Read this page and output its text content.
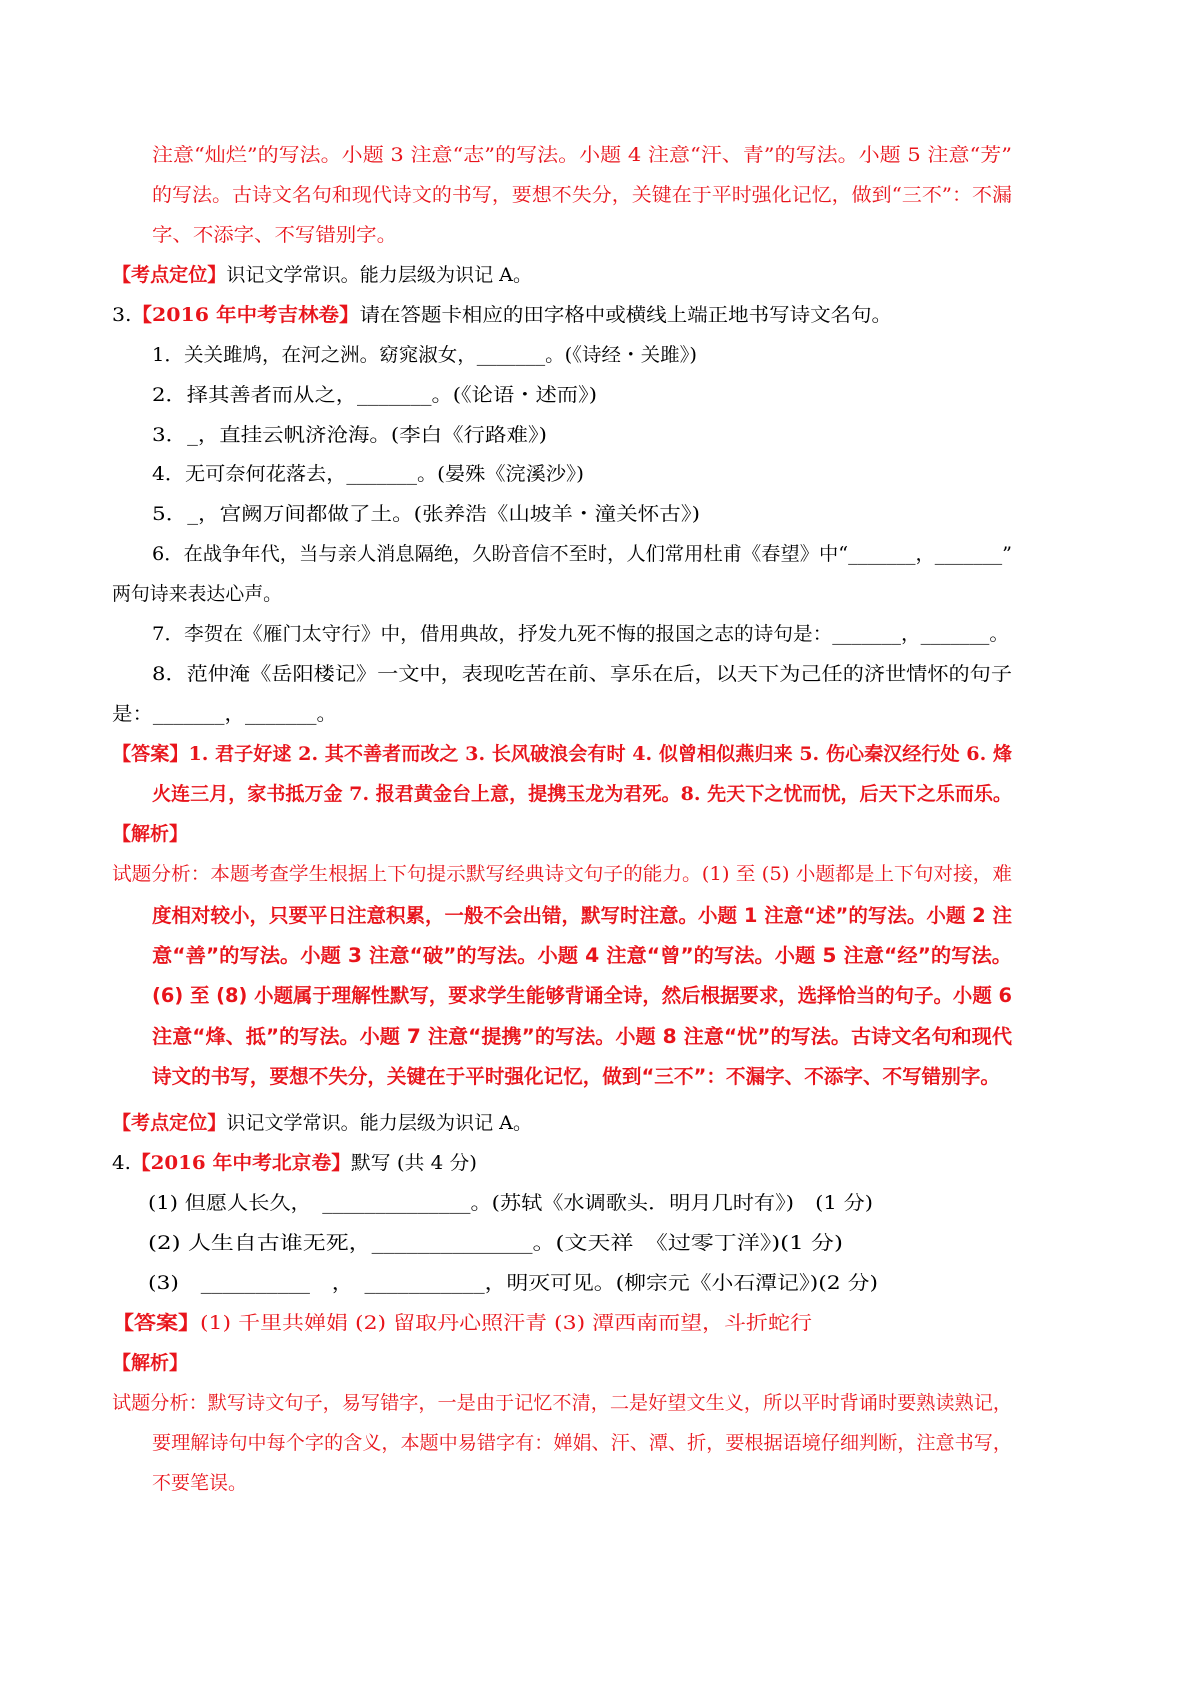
注意“灿烂”的写法。小题 3 注意“志”的写法。小题 4 注意“汗、青”的写法。小题 5 注意“芳”
的写法。古诗文名句和现代诗文的书写，要想不失分，关键在于平时强化记忆，做到“三不”：不漏
字、不添字、不写错别字。
【考点定位】识记文学常识。能力层级为识记 A。
3.【2016 年中考吉林卷】请在答题卡相应的田字格中或横线上端正地书写诗文名句。
1．关关雎鸠，在河之洲。窈窕淑女，_______。(《诗经・关雎》)
2．择其善者而从之，_______。(《论语・述而》)
3．_，直挂云帆济沧海。(李白《行路难》)
4．无可奈何花落去，_______。(晏殊《浣溪沙》)
5．_，宫阙万间都做了土。(张养浩《山坡羊・潼关怀古》)
6．在战争年代，当与亲人消息隔绝，久盼音信不至时，人们常用杜甫《春望》中“_______，_______”
两句诗来表达心声。
7．李贺在《雁门太守行》中，借用典故，抒发九死不悔的报国之志的诗句是：_______，_______。
8．范仲淹《岳阳楼记》一文中，表现吃苦在前、享乐在后，以天下为己任的济世情怀的句子
是：_______，_______。
【答案】1. 君子好逑 2. 其不善者而改之 3. 长风破浪会有时 4. 似曾相似燕归来 5. 伤心秦汉经行处 6. 烽
火连三月，家书抵万金 7. 报君黄金台上意，提携玉龙为君死。8. 先天下之忧而忧，后天下之乐而乐。
【解析】
试题分析：本题考查学生根据上下句提示默写经典诗文句子的能力。(1) 至 (5) 小题都是上下句对接，难
度相对较小，只要平日注意积累，一般不会出错，默写时注意。小题 1 注意“述”的写法。小题 2 注
意“善”的写法。小题 3 注意“破”的写法。小题 4 注意“曾”的写法。小题 5 注意“经”的写法。
(6) 至 (8) 小题属于理解性默写，要求学生能够背诵全诗，然后根据要求，选择恰当的句子。小题 6
注意“烽、抵”的写法。小题 7 注意“提携”的写法。小题 8 注意“忧”的写法。古诗文名句和现代
诗文的书写，要想不失分，关键在于平时强化记忆，做到“三不”：不漏字、不添字、不写错别字。
【考点定位】识记文学常识。能力层级为识记 A。
4.【2016 年中考北京卷】默写 (共 4 分)
(1) 但愿人长久，　______________。(苏轼《水调歌头．明月几时有》)　(1 分)
(2) 人生自古谁无死，______________。(文天祥　《过零丁洋》)(1 分)
(3)　__________　，　___________，明灭可见。(柳宗元《小石潭记》)(2 分)
【答案】(1) 千里共婵娟 (2) 留取丹心照汗青 (3) 潭西南而望，斗折蛇行
【解析】
试题分析：默写诗文句子，易写错字，一是由于记忆不清，二是好望文生义，所以平时背诵时要熟读熟记，
要理解诗句中每个字的含义，本题中易错字有：婵娟、汗、潭、折，要根据语境仔细判断，注意书写，
不要笔误。
